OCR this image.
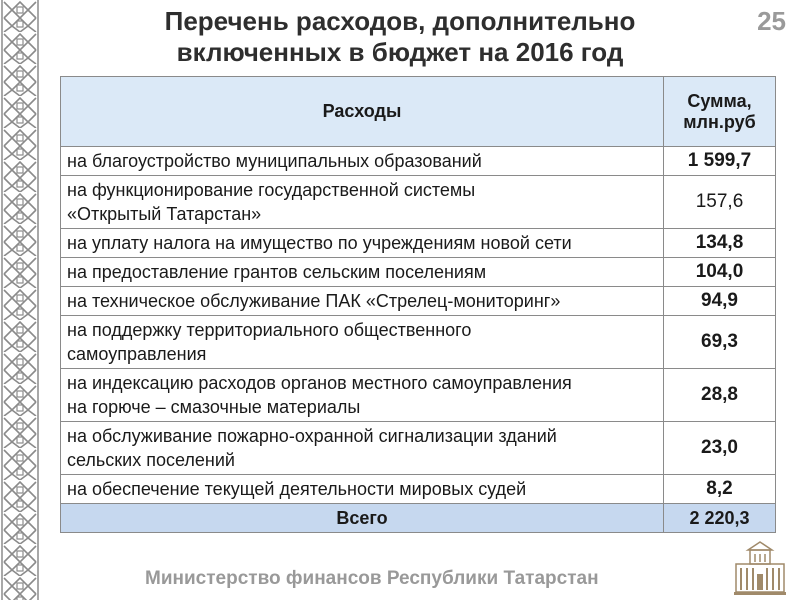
Перечень расходов, дополнительно
включенных в бюджет на 2016 год
25
Расходы	Сумма,
млн.руб

на благоустройство муниципальных образований	1 599,7

на функционирование государственной системы
«Открытый Татарстан»	157,6

на уплату налога на имущество по учреждениям новой сети	134,8

на предоставление грантов сельским поселениям	104,0

на техническое обслуживание ПАК «Стрелец-мониторинг»	94,9

на поддержку территориального общественного
самоуправления	69,3

на индексацию расходов органов местного самоуправления
на горюче – смазочные материалы	28,8

на обслуживание пожарно-охранной сигнализации зданий
сельских поселений	23,0

на обеспечение текущей деятельности мировых судей	8,2
Всего	2 220,3
Министерство финансов Республики Татарстан
